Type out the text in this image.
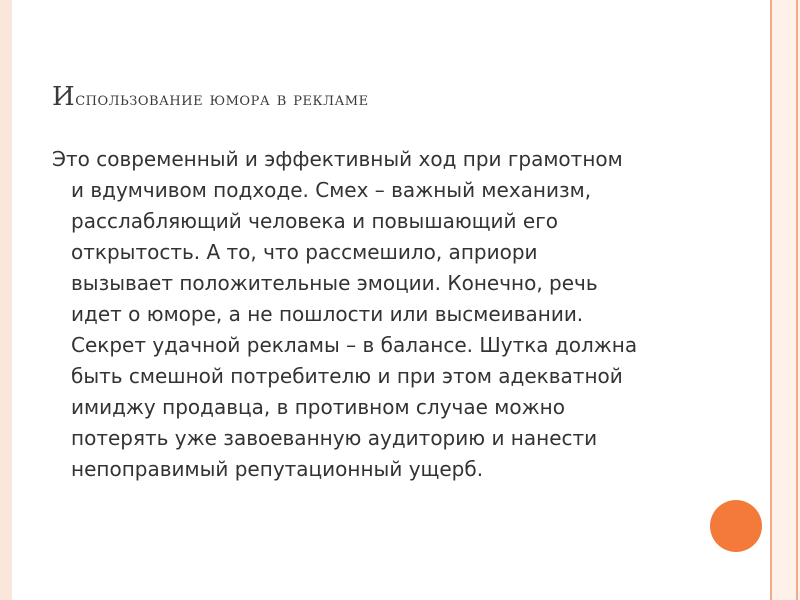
Использование юмора в рекламе
Это современный и эффективный ход при грамотном
и вдумчивом подходе. Смех – важный механизм,
расслабляющий человека и повышающий его
открытость. А то, что рассмешило, априори
вызывает положительные эмоции. Конечно, речь
идет о юморе, а не пошлости или высмеивании.
Секрет удачной рекламы – в балансе. Шутка должна
быть смешной потребителю и при этом адекватной
имиджу продавца, в противном случае можно
потерять уже завоеванную аудиторию и нанести
непоправимый репутационный ущерб.
